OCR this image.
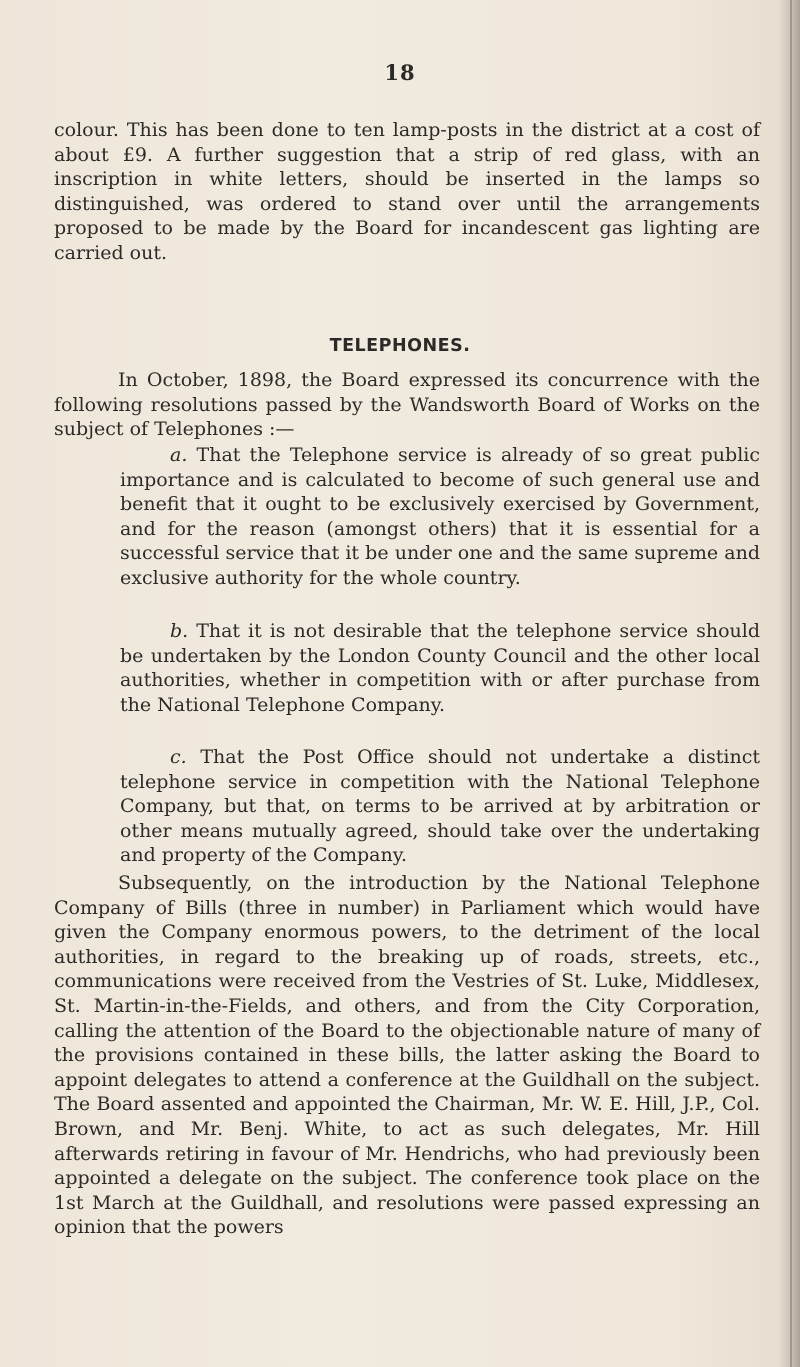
18

colour. This has been done to ten lamp-posts in the district at a cost of about £9. A further suggestion that a strip of red glass, with an inscription in white letters, should be inserted in the lamps so distinguished, was ordered to stand over until the arrangements proposed to be made by the Board for incandescent gas lighting are carried out.

TELEPHONES.

In October, 1898, the Board expressed its concurrence with the following resolutions passed by the Wandsworth Board of Works on the subject of Telephones :—

a. That the Telephone service is already of so great public importance and is calculated to become of such general use and benefit that it ought to be exclusively exercised by Government, and for the reason (amongst others) that it is essential for a successful service that it be under one and the same supreme and exclusive authority for the whole country.

b. That it is not desirable that the telephone service should be undertaken by the London County Council and the other local authorities, whether in competition with or after purchase from the National Telephone Company.

c. That the Post Office should not undertake a distinct telephone service in competition with the National Telephone Company, but that, on terms to be arrived at by arbitration or other means mutually agreed, should take over the undertaking and property of the Company.

Subsequently, on the introduction by the National Telephone Company of Bills (three in number) in Parliament which would have given the Company enormous powers, to the detriment of the local authorities, in regard to the breaking up of roads, streets, etc., communications were received from the Vestries of St. Luke, Middlesex, St. Martin-in-the-Fields, and others, and from the City Corporation, calling the attention of the Board to the objectionable nature of many of the provisions contained in these bills, the latter asking the Board to appoint delegates to attend a conference at the Guildhall on the subject. The Board assented and appointed the Chairman, Mr. W. E. Hill, J.P., Col. Brown, and Mr. Benj. White, to act as such delegates, Mr. Hill afterwards retiring in favour of Mr. Hendrichs, who had previously been appointed a delegate on the subject. The conference took place on the 1st March at the Guildhall, and resolutions were passed expressing an opinion that the powers
